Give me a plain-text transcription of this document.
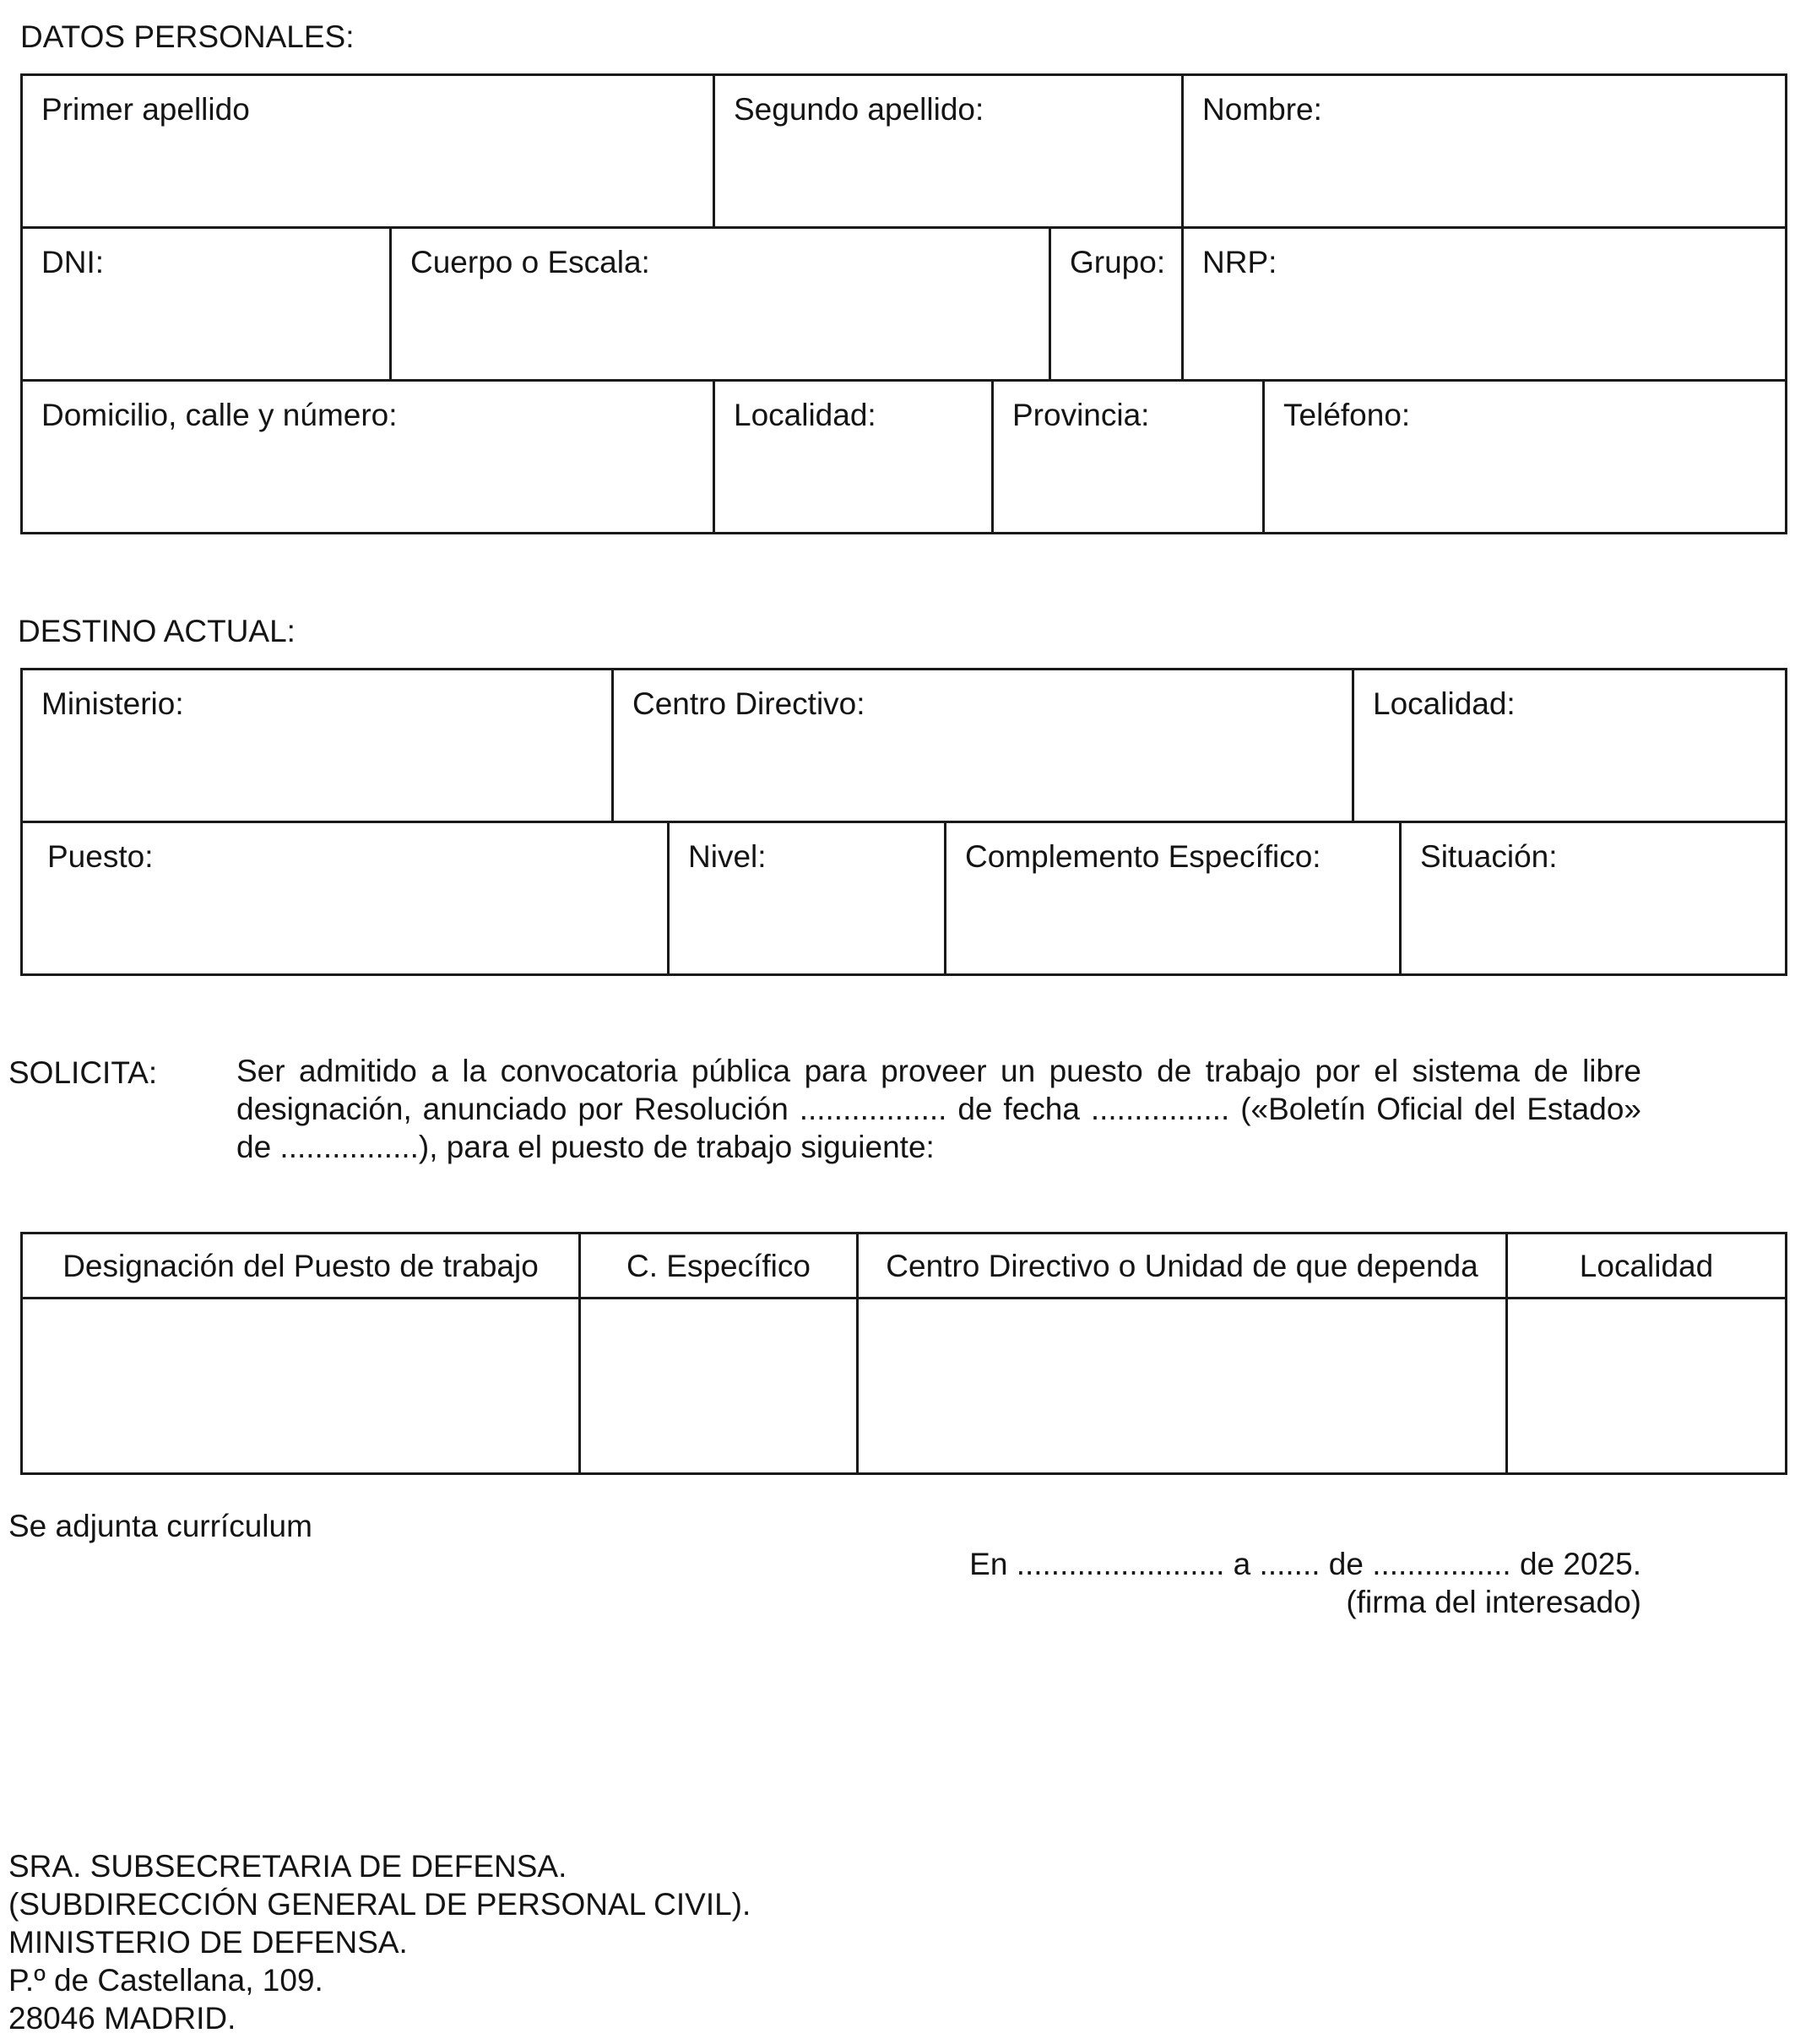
DATOS PERSONALES:
Primer apellido		Segundo apellido:			Nombre:	
DNI:	Cuerpo o Escala:			Grupo:	NRP:	
Domicilio, calle y número:		Localidad:	Provincia:			Teléfono:
DESTINO ACTUAL:
Ministerio:	Centro Directivo:			Localidad:	
Puesto:		Nivel:	Complemento Específico:		Situación:
SOLICITA:	Ser admitido a la convocatoria pública para proveer un puesto de trabajo por el sistema de libre
designación, anunciado por Resolución ................. de fecha ................ («Boletín Oficial del Estado»
de ................), para el puesto de trabajo siguiente:
Designación del Puesto de trabajo	C. Específico	Centro Directivo o Unidad de que dependa	Localidad

Se adjunta currículum
En ........................ a ....... de ................ de 2025.
(firma del interesado)
SRA. SUBSECRETARIA DE DEFENSA.
(SUBDIRECCIÓN GENERAL DE PERSONAL CIVIL).
MINISTERIO DE DEFENSA.
P.º de Castellana, 109.
28046 MADRID.
